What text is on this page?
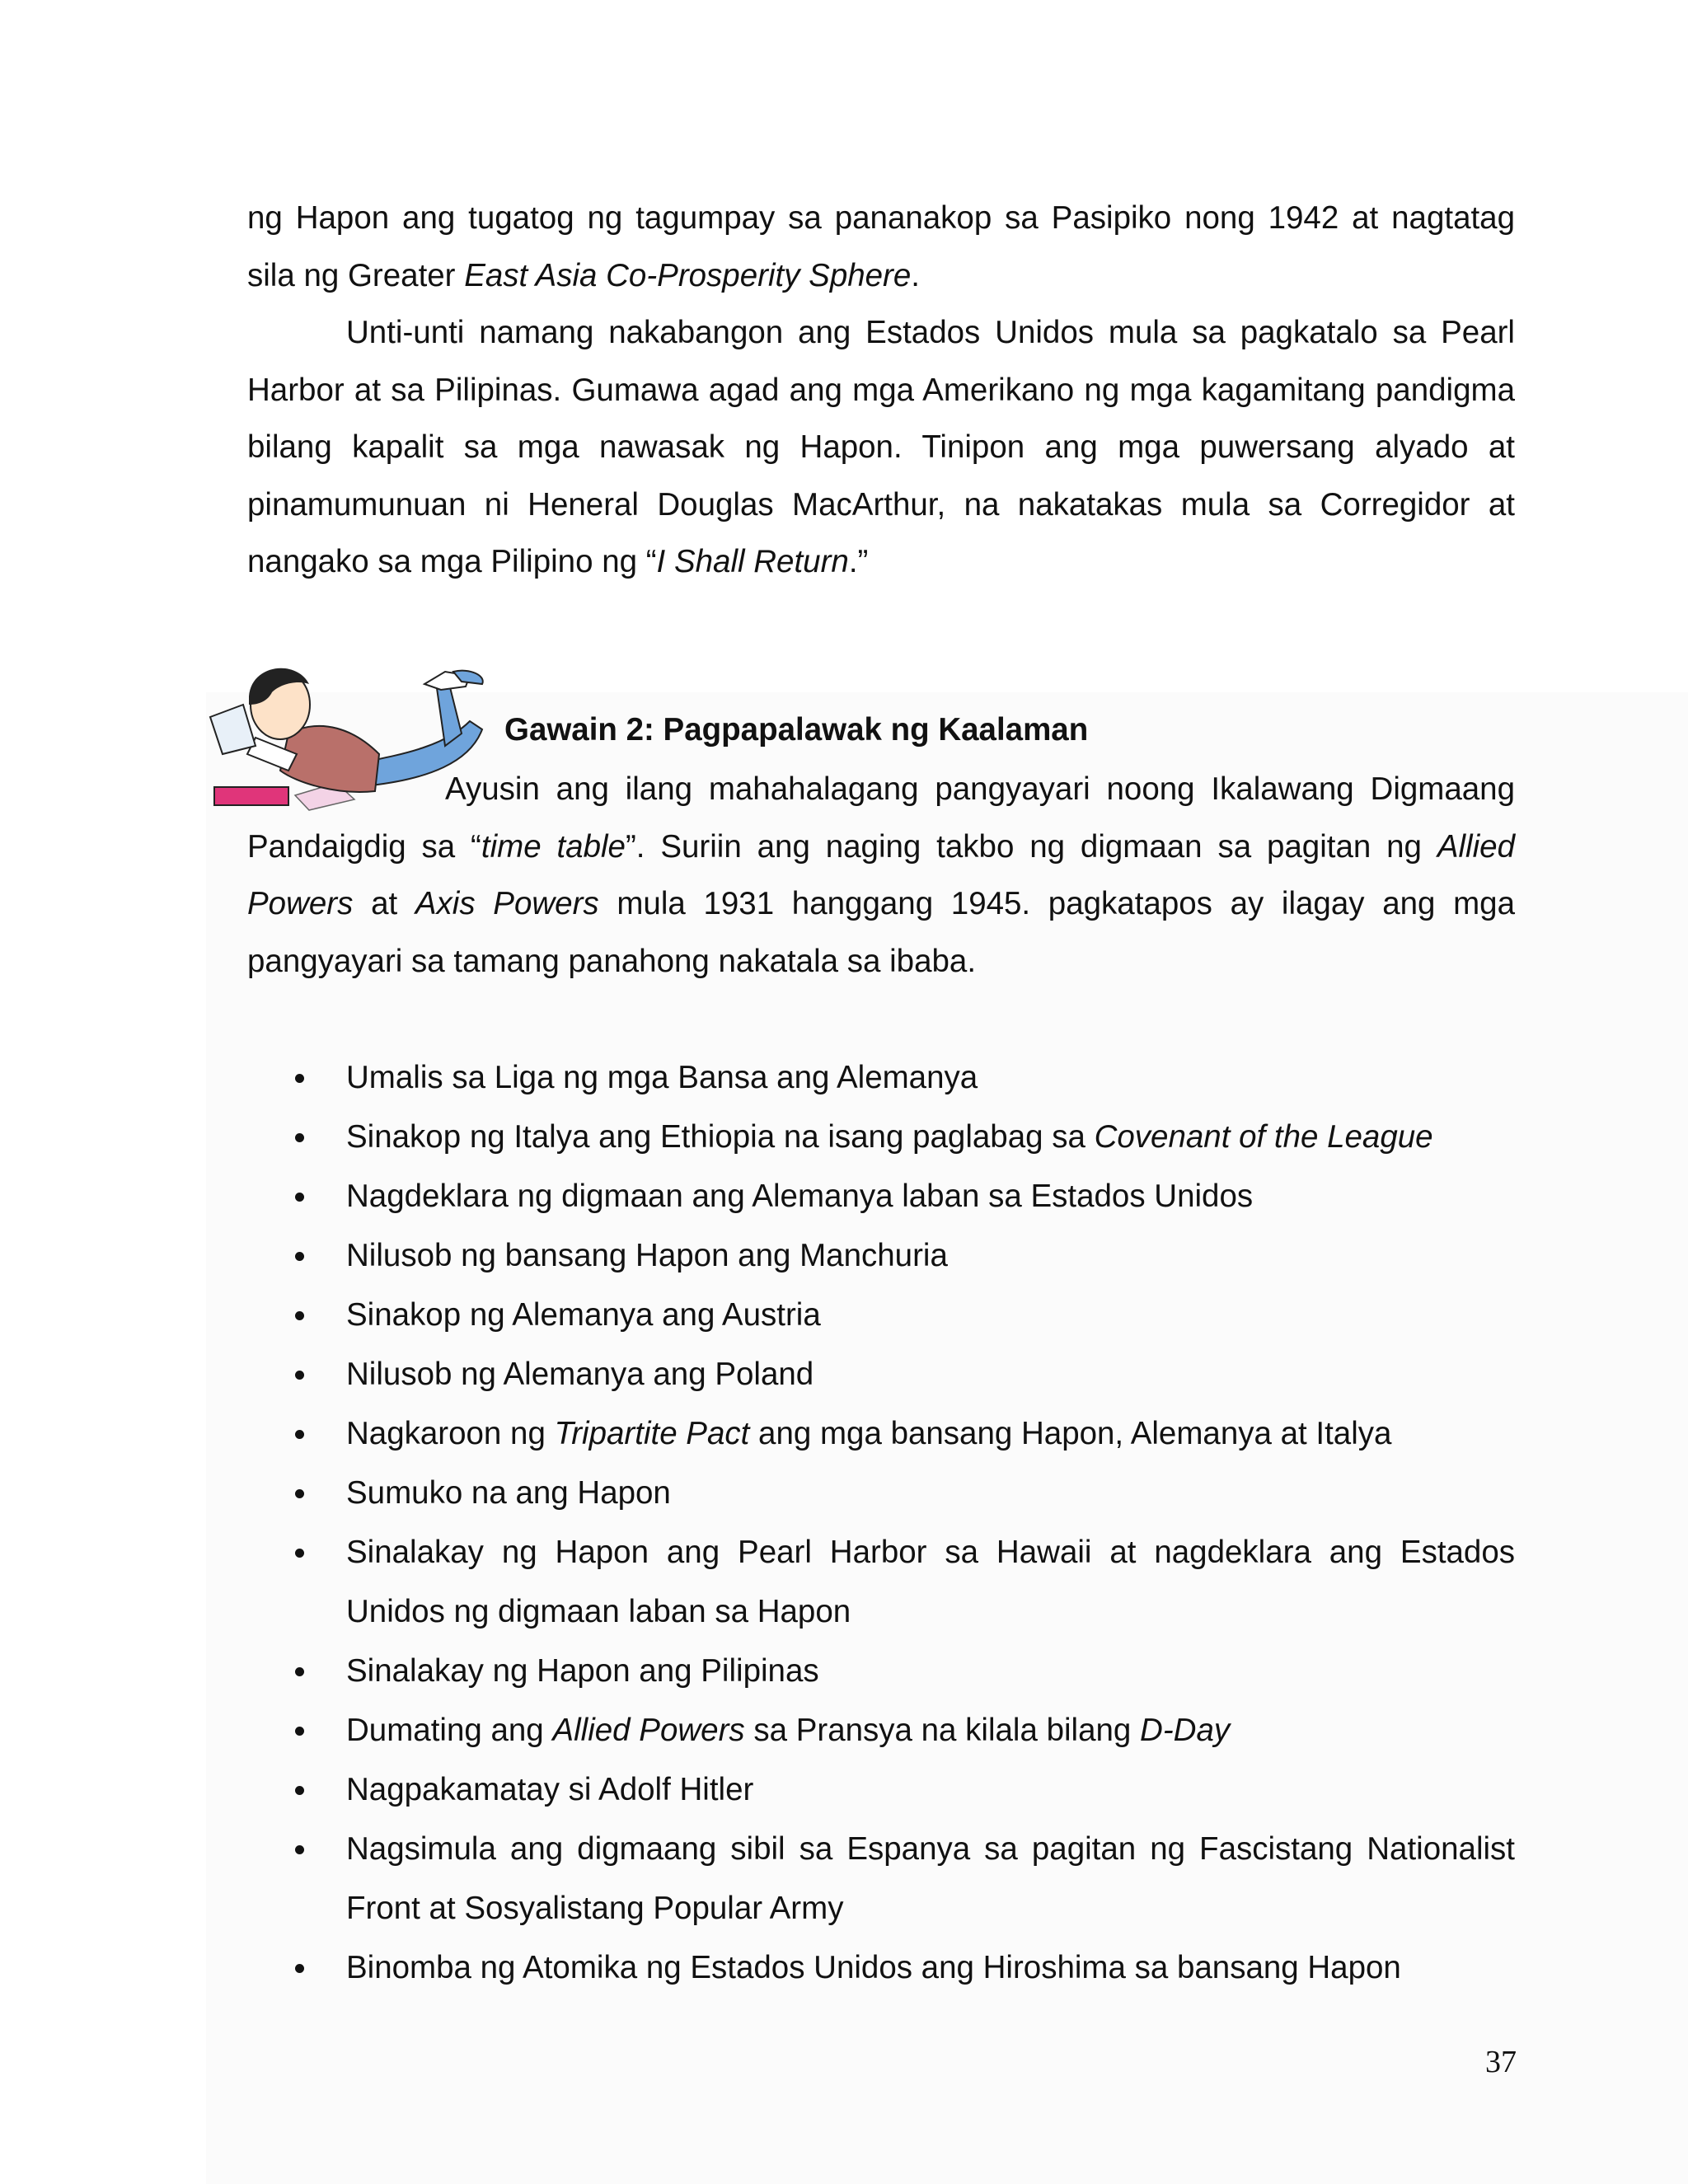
ng Hapon ang tugatog ng tagumpay sa pananakop sa Pasipiko nong 1942 at nagtatag

sila ng Greater East Asia Co-Prosperity Sphere.

Unti-unti namang nakabangon ang Estados Unidos mula sa pagkatalo sa Pearl Harbor at sa Pilipinas. Gumawa agad ang mga Amerikano ng mga kagamitang pandigma bilang kapalit sa mga nawasak ng Hapon. Tinipon ang mga puwersang alyado at pinamumunuan ni Heneral Douglas MacArthur, na nakatakas mula sa Corregidor at nangako sa mga Pilipino ng “I Shall Return.”

Gawain 2: Pagpapalawak ng Kaalaman

Ayusin ang ilang mahahalagang pangyayari noong Ikalawang Digmaang Pandaigdig sa “time table”. Suriin ang naging takbo ng digmaan sa pagitan ng Allied Powers at Axis Powers mula 1931 hanggang 1945. pagkatapos ay ilagay ang mga pangyayari sa tamang panahong nakatala sa ibaba.

Umalis sa Liga ng mga Bansa ang Alemanya
Sinakop ng Italya ang Ethiopia na isang paglabag sa Covenant of the League
Nagdeklara ng digmaan ang Alemanya laban sa Estados Unidos
Nilusob ng bansang Hapon ang Manchuria
Sinakop ng Alemanya ang Austria
Nilusob ng Alemanya ang Poland
Nagkaroon ng Tripartite Pact ang mga bansang Hapon, Alemanya at Italya
Sumuko na ang Hapon
Sinalakay ng Hapon ang Pearl Harbor sa Hawaii at nagdeklara ang Estados Unidos ng digmaan laban sa Hapon
Sinalakay ng Hapon ang Pilipinas
Dumating ang Allied Powers sa Pransya na kilala bilang D-Day
Nagpakamatay si Adolf Hitler
Nagsimula ang digmaang sibil sa Espanya sa pagitan ng Fascistang Nationalist Front at Sosyalistang Popular Army
Binomba ng Atomika ng Estados Unidos ang Hiroshima sa bansang Hapon
37
